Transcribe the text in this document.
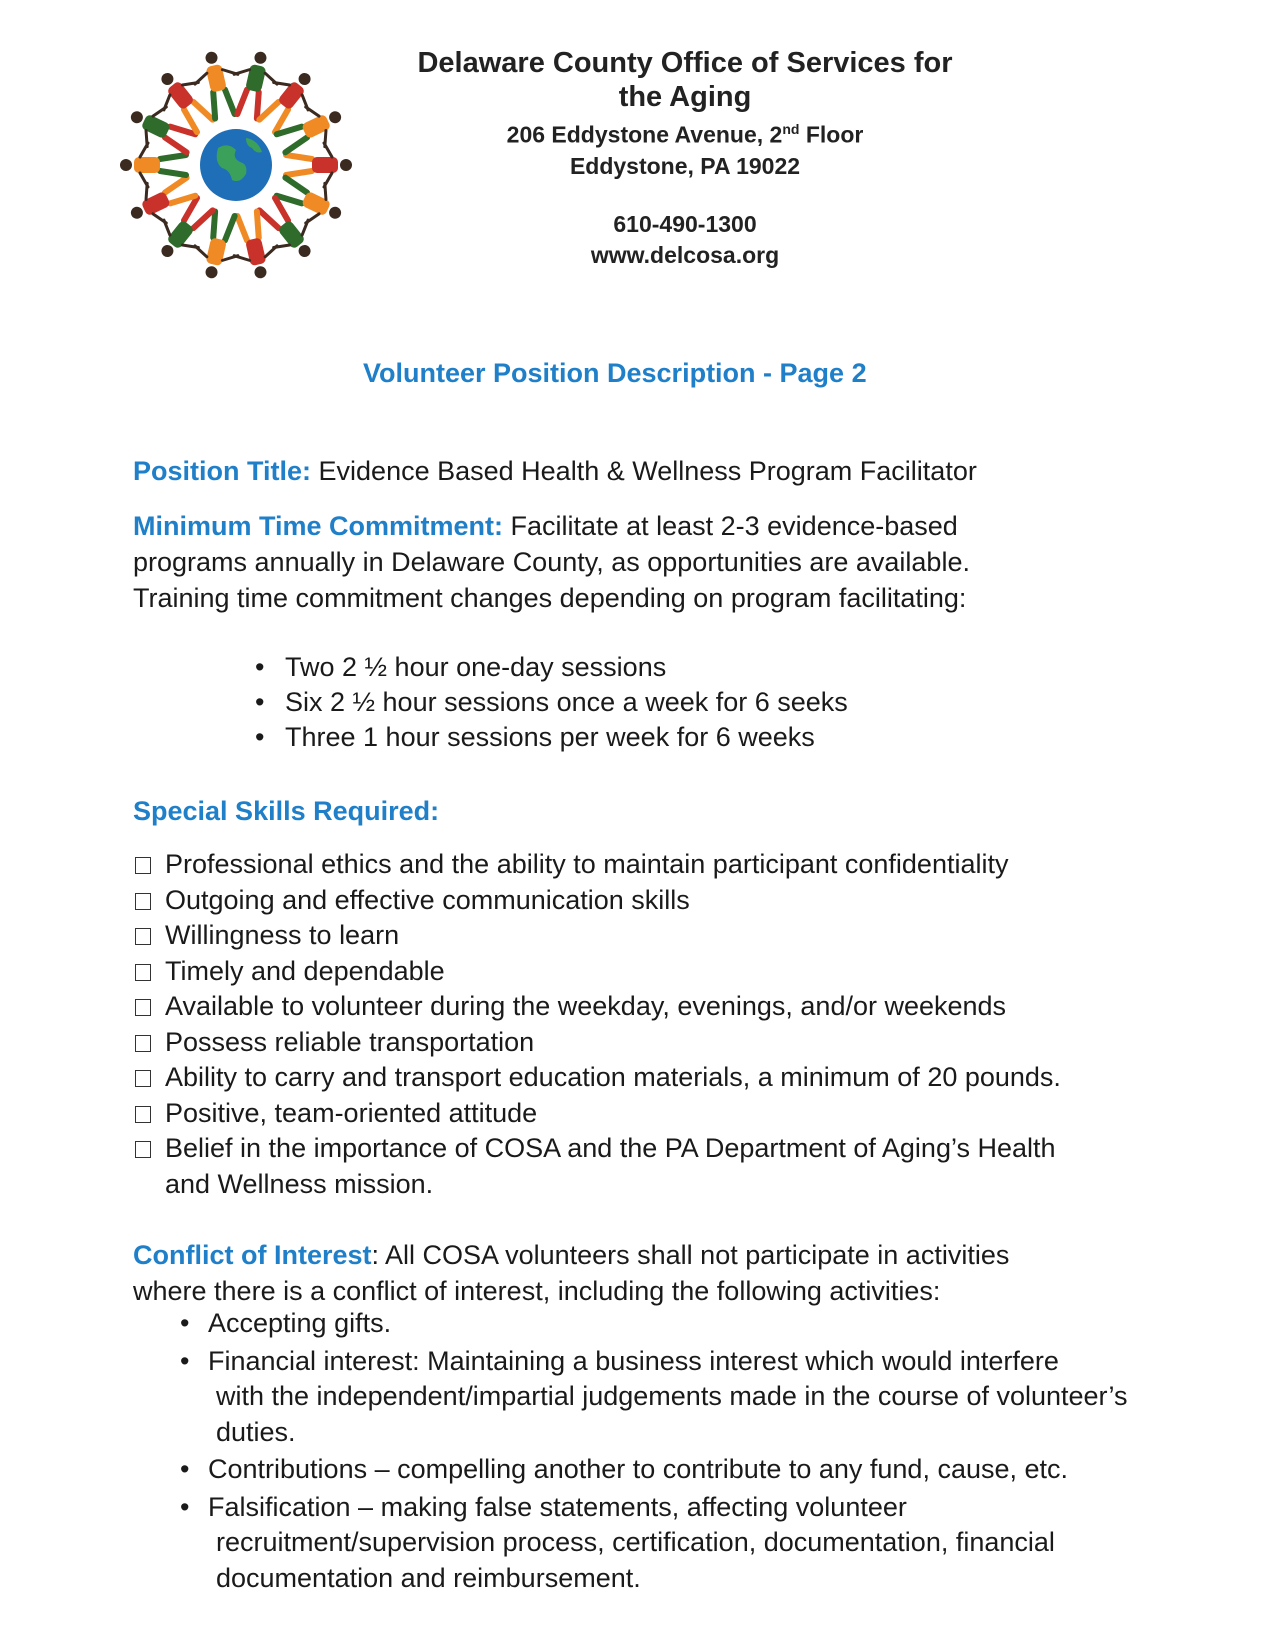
Delaware County Office of Services for the Aging

206 Eddystone Avenue, 2nd Floor

Eddystone, PA 19022

610-490-1300

www.delcosa.org

Volunteer Position Description - Page 2
Position Title: Evidence Based Health & Wellness Program Facilitator
Minimum Time Commitment: Facilitate at least 2-3 evidence-based
programs annually in Delaware County, as opportunities are available.
Training time commitment changes depending on program facilitating:
• Two 2 ½ hour one-day sessions
• Six 2 ½ hour sessions once a week for 6 seeks
• Three 1 hour sessions per week for 6 weeks
Special Skills Required:
Professional ethics and the ability to maintain participant confidentiality
Outgoing and effective communication skills
Willingness to learn
Timely and dependable
Available to volunteer during the weekday, evenings, and/or weekends
Possess reliable transportation
Ability to carry and transport education materials, a minimum of 20 pounds.
Positive, team-oriented attitude
Belief in the importance of COSA and the PA Department of Aging’s Health
and Wellness mission.
Conflict of Interest: All COSA volunteers shall not participate in activities
where there is a conflict of interest, including the following activities:
• Accepting gifts.
• Financial interest: Maintaining a business interest which would interfere
with the independent/impartial judgements made in the course of volunteer’s duties.
• Contributions – compelling another to contribute to any fund, cause, etc.
• Falsification – making false statements, affecting volunteer
recruitment/supervision process, certification, documentation, financial documentation and reimbursement.
